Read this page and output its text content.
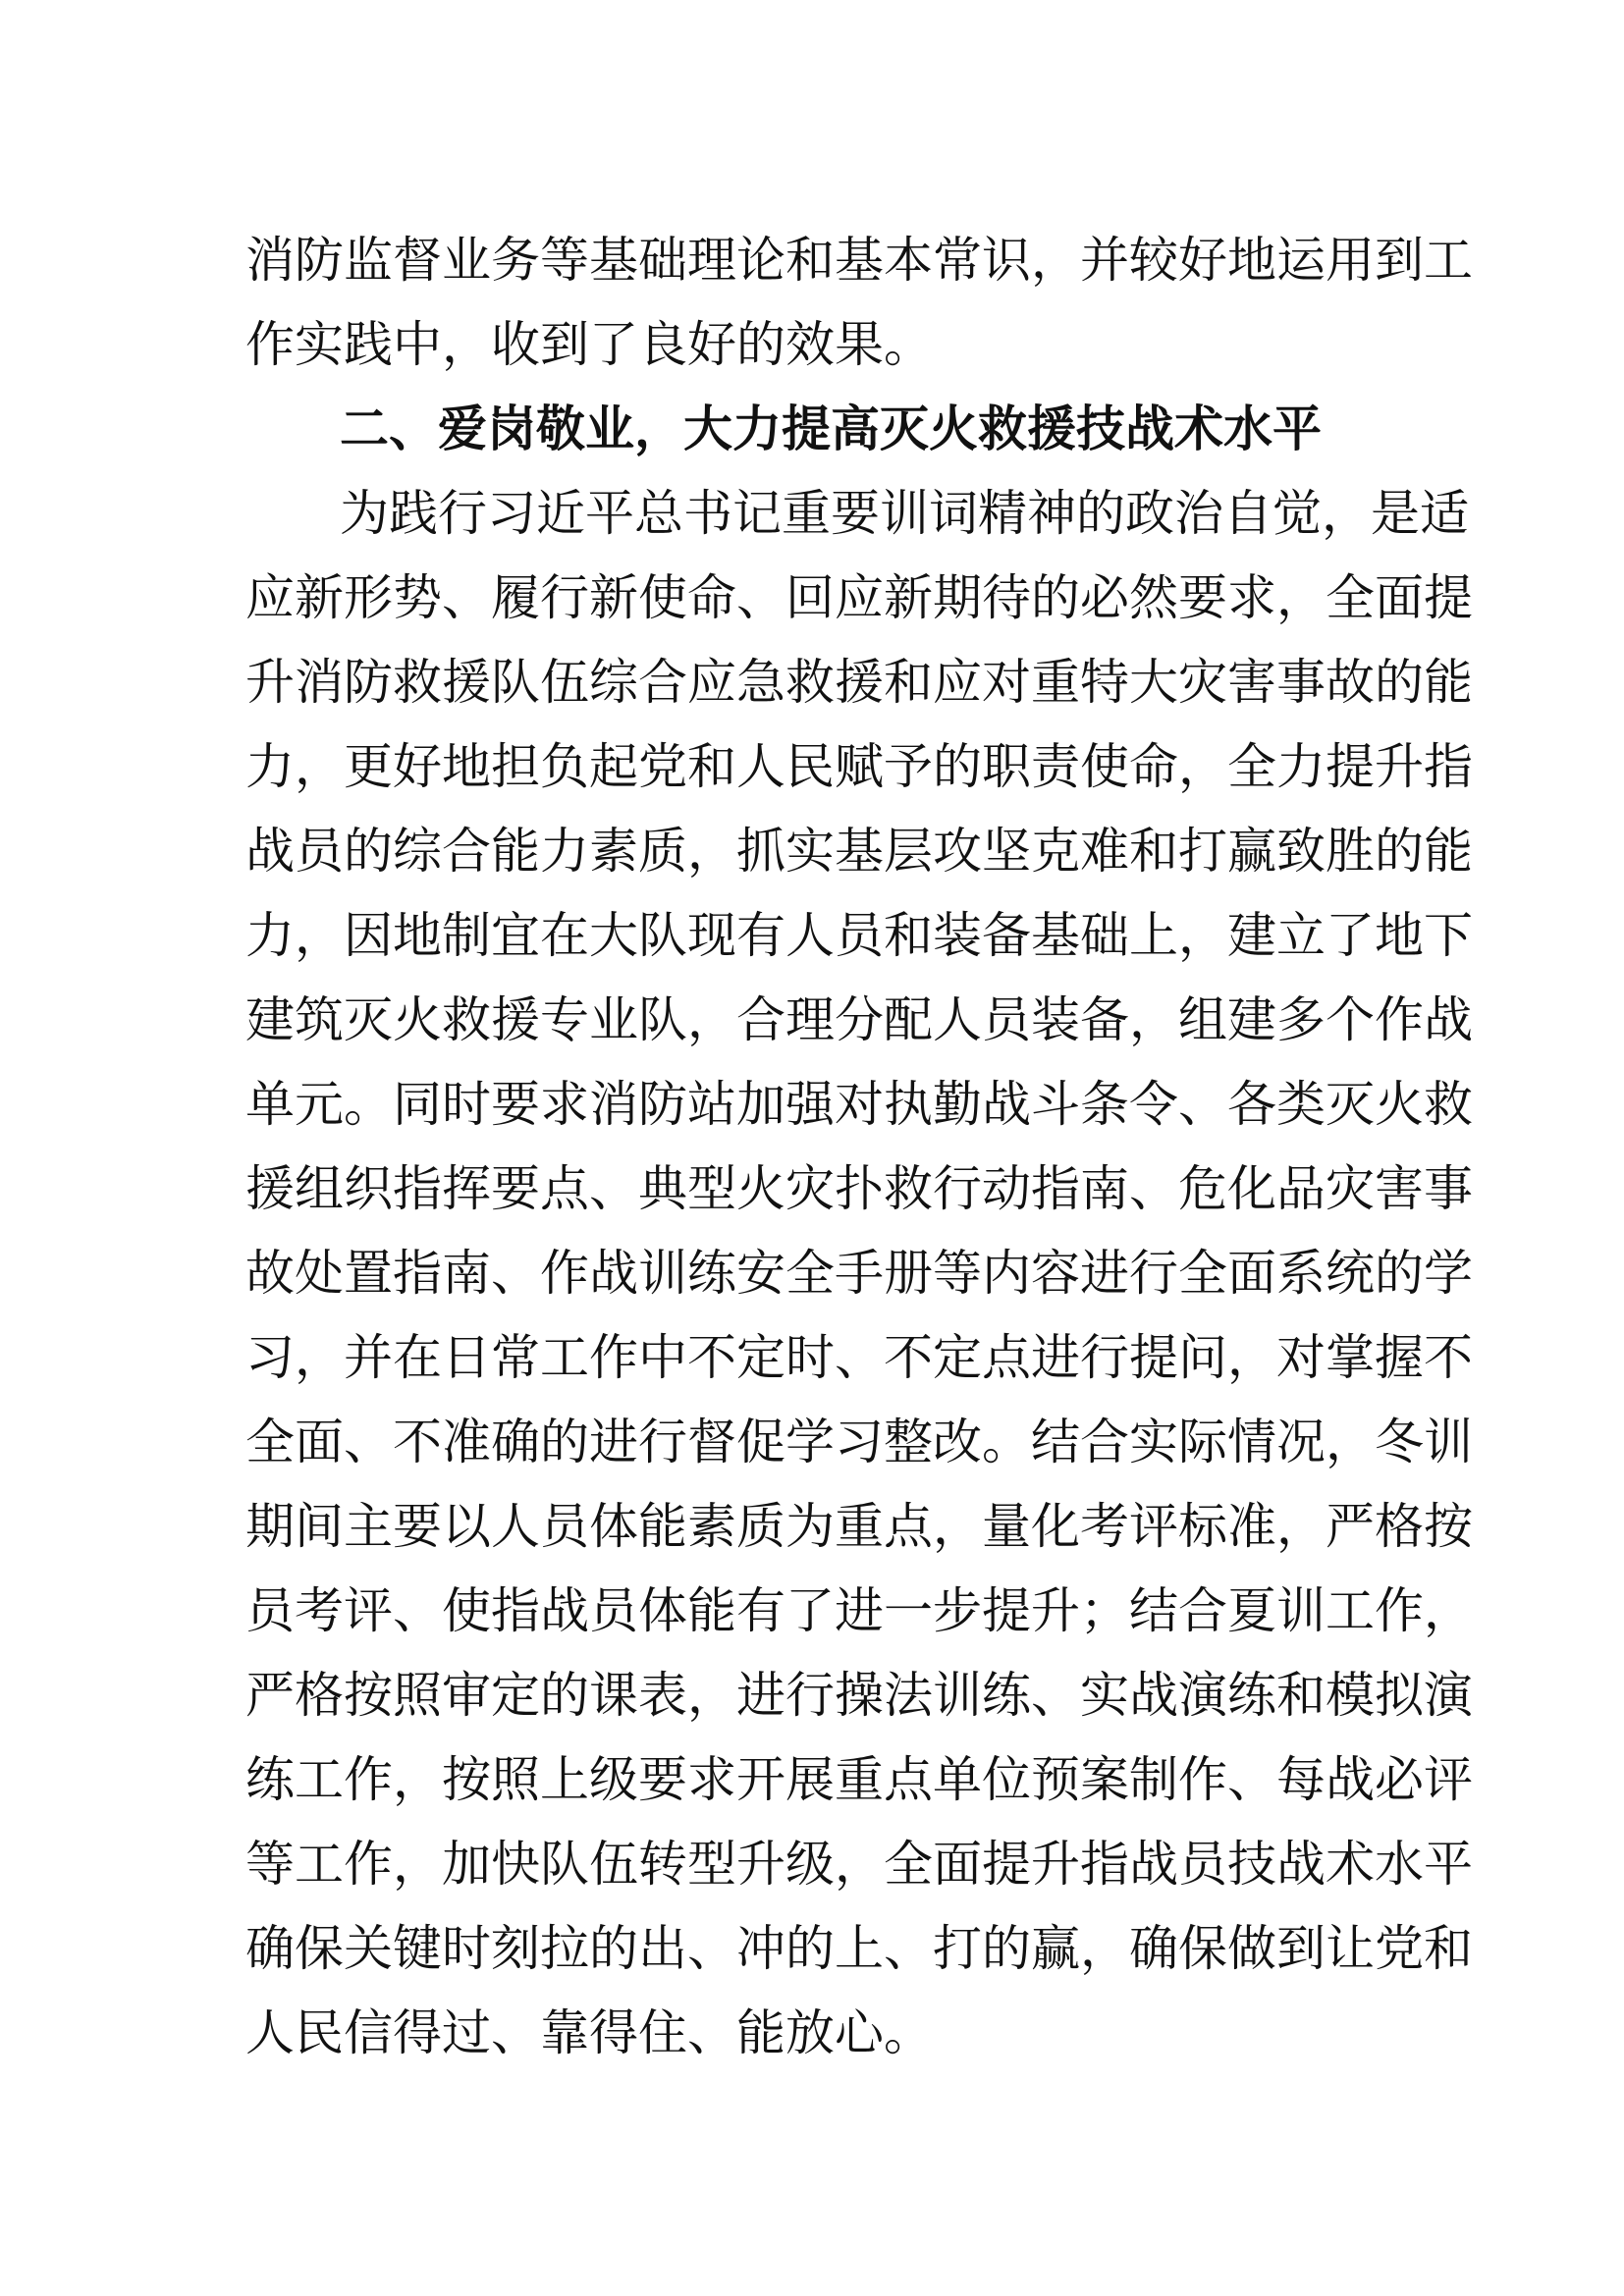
消防监督业务等基础理论和基本常识，并较好地运用到工
作实践中，收到了良好的效果。
二、爱岗敬业，大力提高灭火救援技战术水平
为践行习近平总书记重要训词精神的政治自觉，是适
应新形势、履行新使命、回应新期待的必然要求，全面提
升消防救援队伍综合应急救援和应对重特大灾害事故的能
力，更好地担负起党和人民赋予的职责使命，全力提升指
战员的综合能力素质，抓实基层攻坚克难和打赢致胜的能
力，因地制宜在大队现有人员和装备基础上，建立了地下
建筑灭火救援专业队，合理分配人员装备，组建多个作战
单元。同时要求消防站加强对执勤战斗条令、各类灭火救
援组织指挥要点、典型火灾扑救行动指南、危化品灾害事
故处置指南、作战训练安全手册等内容进行全面系统的学
习，并在日常工作中不定时、不定点进行提问，对掌握不
全面、不准确的进行督促学习整改。结合实际情况，冬训
期间主要以人员体能素质为重点，量化考评标准，严格按
员考评、使指战员体能有了进一步提升；结合夏训工作，
严格按照审定的课表，进行操法训练、实战演练和模拟演
练工作，按照上级要求开展重点单位预案制作、每战必评
等工作，加快队伍转型升级，全面提升指战员技战术水平
确保关键时刻拉的出、冲的上、打的赢，确保做到让党和
人民信得过、靠得住、能放心。
